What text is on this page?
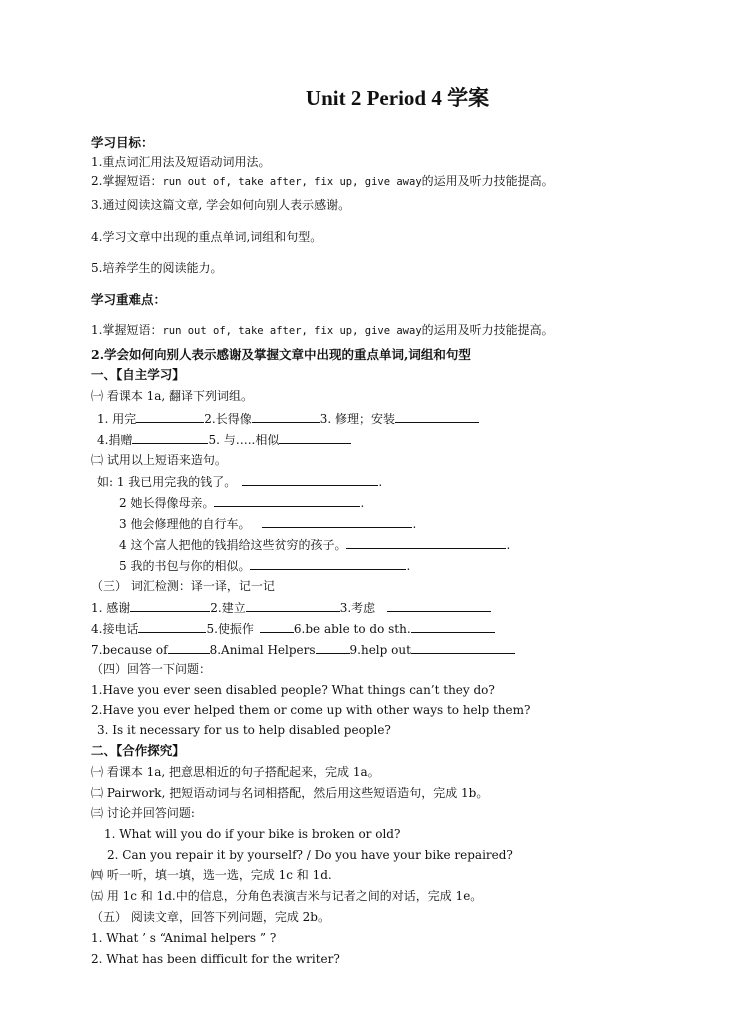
Unit 2 Period 4 学案
学习目标：
1.重点词汇用法及短语动词用法。
2.掌握短语：run out of, take after, fix up, give away的运用及听力技能提高。
3.通过阅读这篇文章, 学会如何向别人表示感谢。
4.学习文章中出现的重点单词,词组和句型。
5.培养学生的阅读能力。
学习重难点：
1.掌握短语：run out of, take after, fix up, give away的运用及听力技能提高。
2.学会如何向别人表示感谢及掌握文章中出现的重点单词,词组和句型
一、【自主学习】
㈠ 看课本 1a, 翻译下列词组。
1. 用完	2.长得像	3. 修理；安装
4.捐赠	5. 与…..相似
㈡ 试用以上短语来造句。
如: 1 我已用完我的钱了。	.
2 她长得像母亲。	.
3 他会修理他的自行车。	.
4 这个富人把他的钱捐给这些贫穷的孩子。	.
5 我的书包与你的相似。	.
（三） 词汇检测：译一译，记一记
1. 感谢	2.建立	3.考虑
4.接电话	5.使振作	6.be able to do sth.
7.because of	8.Animal Helpers	9.help out
（四）回答一下问题：
1.Have you ever seen disabled people? What things can’t they do?
2.Have you ever helped them or come up with other ways to help them?
3. Is it necessary for us to help disabled people?
二、【合作探究】
㈠ 看课本 1a, 把意思相近的句子搭配起来，完成 1a。
㈡ Pairwork, 把短语动词与名词相搭配，然后用这些短语造句，完成 1b。
㈢ 讨论并回答问题:
1. What will you do if your bike is broken or old?
2. Can you repair it by yourself? / Do you have your bike repaired?
㈣ 听一听，填一填，选一选，完成 1c 和 1d.
㈤ 用 1c 和 1d.中的信息，分角色表演吉米与记者之间的对话，完成 1e。
（五） 阅读文章，回答下列问题，完成 2b。
1. What ’ s “Animal helpers ” ?
2. What has been difficult for the writer?
